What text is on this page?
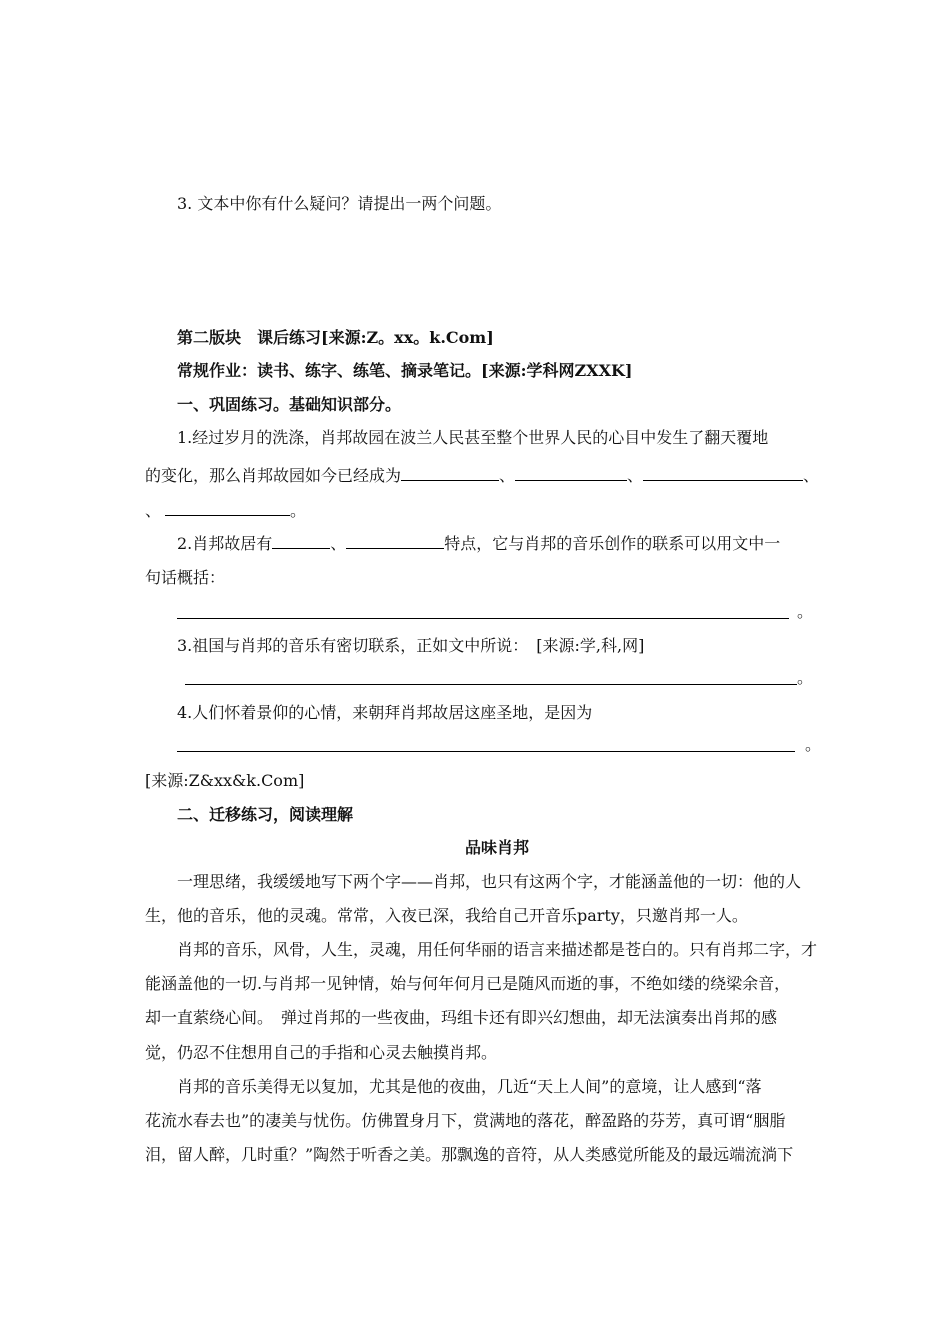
3. 文本中你有什么疑问？请提出一两个问题。
第二版块　课后练习[来源:Z。xx。k.Com]
常规作业：读书、练字、练笔、摘录笔记。[来源:学科网ZXXK]
一、巩固练习。基础知识部分。
1.经过岁月的洗涤，肖邦故园在波兰人民甚至整个世界人民的心目中发生了翻天覆地
的变化，那么肖邦故园如今已经成为	、	、	、
、	。
2.肖邦故居有	、	特点，它与肖邦的音乐创作的联系可以用文中一
句话概括：
。
3.祖国与肖邦的音乐有密切联系，正如文中所说：　[来源:学,科,网]
。
4.人们怀着景仰的心情，来朝拜肖邦故居这座圣地，是因为
。
[来源:Z&xx&k.Com]
二、迁移练习，阅读理解
品味肖邦
一理思绪，我缓缓地写下两个字——肖邦，也只有这两个字，才能涵盖他的一切：他的人
生，他的音乐，他的灵魂。常常，入夜已深，我给自己开音乐party，只邀肖邦一人。
肖邦的音乐，风骨，人生，灵魂，用任何华丽的语言来描述都是苍白的。只有肖邦二字，才
能涵盖他的一切.与肖邦一见钟情，始与何年何月已是随风而逝的事，不绝如缕的绕梁余音，
却一直萦绕心间。　弹过肖邦的一些夜曲，玛组卡还有即兴幻想曲，却无法演奏出肖邦的感
觉，仍忍不住想用自己的手指和心灵去触摸肖邦。
肖邦的音乐美得无以复加，尤其是他的夜曲，几近“天上人间”的意境，让人感到“落
花流水春去也”的凄美与忧伤。仿佛置身月下，赏满地的落花，醉盈路的芬芳，真可谓“胭脂
泪，留人醉，几时重？”陶然于听香之美。那飘逸的音符，从人类感觉所能及的最远端流淌下
